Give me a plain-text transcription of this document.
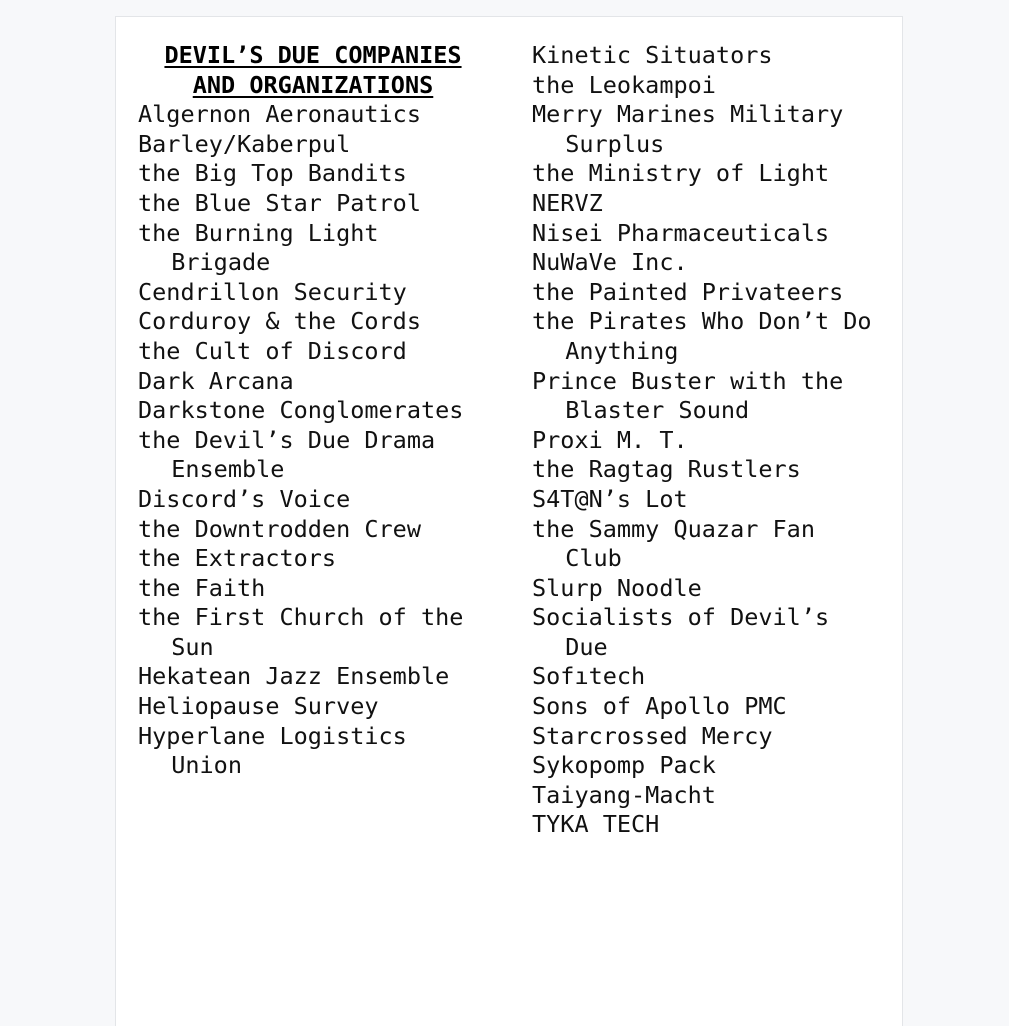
DEVIL’S DUE COMPANIES
AND ORGANIZATIONS
Algernon Aeronautics
Barley/Kaberpul
the Big Top Bandits
the Blue Star Patrol
the Burning Light
Brigade
Cendrillon Security
Corduroy & the Cords
the Cult of Discord
Dark Arcana
Darkstone Conglomerates
the Devil’s Due Drama
Ensemble
Discord’s Voice
the Downtrodden Crew
the Extractors
the Faith
the First Church of the
Sun
Hekatean Jazz Ensemble
Heliopause Survey
Hyperlane Logistics
Union
Kinetic Situators
the Leokampoi
Merry Marines Military
Surplus
the Ministry of Light
NERVZ
Nisei Pharmaceuticals
NuWaVe Inc.
the Painted Privateers
the Pirates Who Don’t Do
Anything
Prince Buster with the
Blaster Sound
Proxi M. T.
the Ragtag Rustlers
S4T@N’s Lot
the Sammy Quazar Fan
Club
Slurp Noodle
Socialists of Devil’s
Due
Sofıtech
Sons of Apollo PMC
Starcrossed Mercy
Sykopomp Pack
Taiyang-Macht
TYKA TECH
